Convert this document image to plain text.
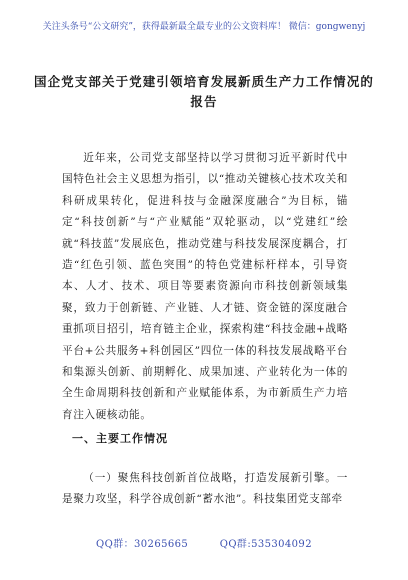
关注头条号“公文研究”，获得最新最全最专业的公文资料库！ 微信：gongwenyj
国企党支部关于党建引领培育发展新质生产力工作情况的
报告
近年来，公司党支部坚持以学习贯彻习近平新时代中国特色社会主义思想为指引，以“推动关键核心技术攻关和科研成果转化，促进科技与金融深度融合”为目标，锚定“科技创新”与“产业赋能”双轮驱动，以“党建红”绘就“科技蓝”发展底色，推动党建与科技发展深度耦合，打造“红色引领、蓝色突围”的特色党建标杆样本，引导资本、人才、技术、项目等要素资源向市科技创新领域集聚，致力于创新链、产业链、人才链、资金链的深度融合重抓项目招引，培育链主企业，探索构建“科技金融+战略平台+公共服务+科创园区”四位一体的科技发展战略平台和集源头创新、前期孵化、成果加速、产业转化为一体的全生命周期科技创新和产业赋能体系，为市新质生产力培育注入硬核动能。
一、主要工作情况
（一）聚焦科技创新首位战略，打造发展新引擎。一是聚力攻坚，科学谷成创新“蓄水池”。科技集团党支部牵
QQ群：30265665	QQ群:535304092
